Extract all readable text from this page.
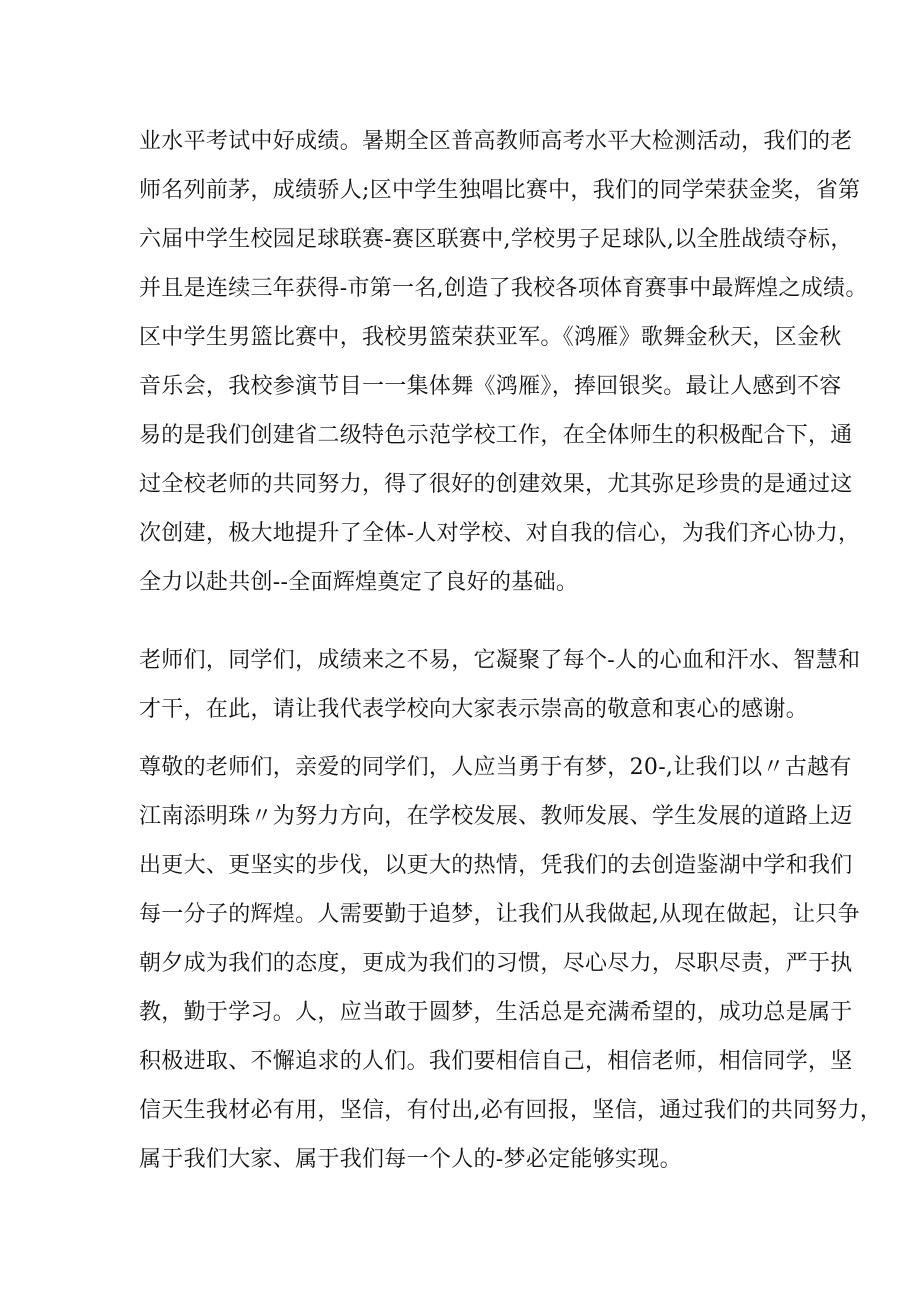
业水平考试中好成绩。暑期全区普高教师高考水平大检测活动，我们的老
师名列前茅，成绩骄人;区中学生独唱比赛中，我们的同学荣获金奖，省第
六届中学生校园足球联赛-赛区联赛中,学校男子足球队,以全胜战绩夺标，
并且是连续三年获得-市第一名,创造了我校各项体育赛事中最辉煌之成绩。
区中学生男篮比赛中，我校男篮荣获亚军。《鸿雁》歌舞金秋天，区金秋
音乐会，我校参演节目一一集体舞《鸿雁》，捧回银奖。最让人感到不容
易的是我们创建省二级特色示范学校工作，在全体师生的积极配合下，通
过全校老师的共同努力，得了很好的创建效果，尤其弥足珍贵的是通过这
次创建，极大地提升了全体-人对学校、对自我的信心，为我们齐心协力，
全力以赴共创--全面辉煌奠定了良好的基础。
老师们，同学们，成绩来之不易，它凝聚了每个-人的心血和汗水、智慧和
才干，在此，请让我代表学校向大家表示崇高的敬意和衷心的感谢。
尊敬的老师们，亲爱的同学们，人应当勇于有梦，20-,让我们以〃古越有
江南添明珠〃为努力方向，在学校发展、教师发展、学生发展的道路上迈
出更大、更坚实的步伐，以更大的热情，凭我们的去创造鉴湖中学和我们
每一分子的辉煌。人需要勤于追梦，让我们从我做起,从现在做起，让只争
朝夕成为我们的态度，更成为我们的习惯，尽心尽力，尽职尽责，严于执
教，勤于学习。人，应当敢于圆梦，生活总是充满希望的，成功总是属于
积极进取、不懈追求的人们。我们要相信自己，相信老师，相信同学，坚
信天生我材必有用，坚信，有付出,必有回报，坚信，通过我们的共同努力，
属于我们大家、属于我们每一个人的-梦必定能够实现。
